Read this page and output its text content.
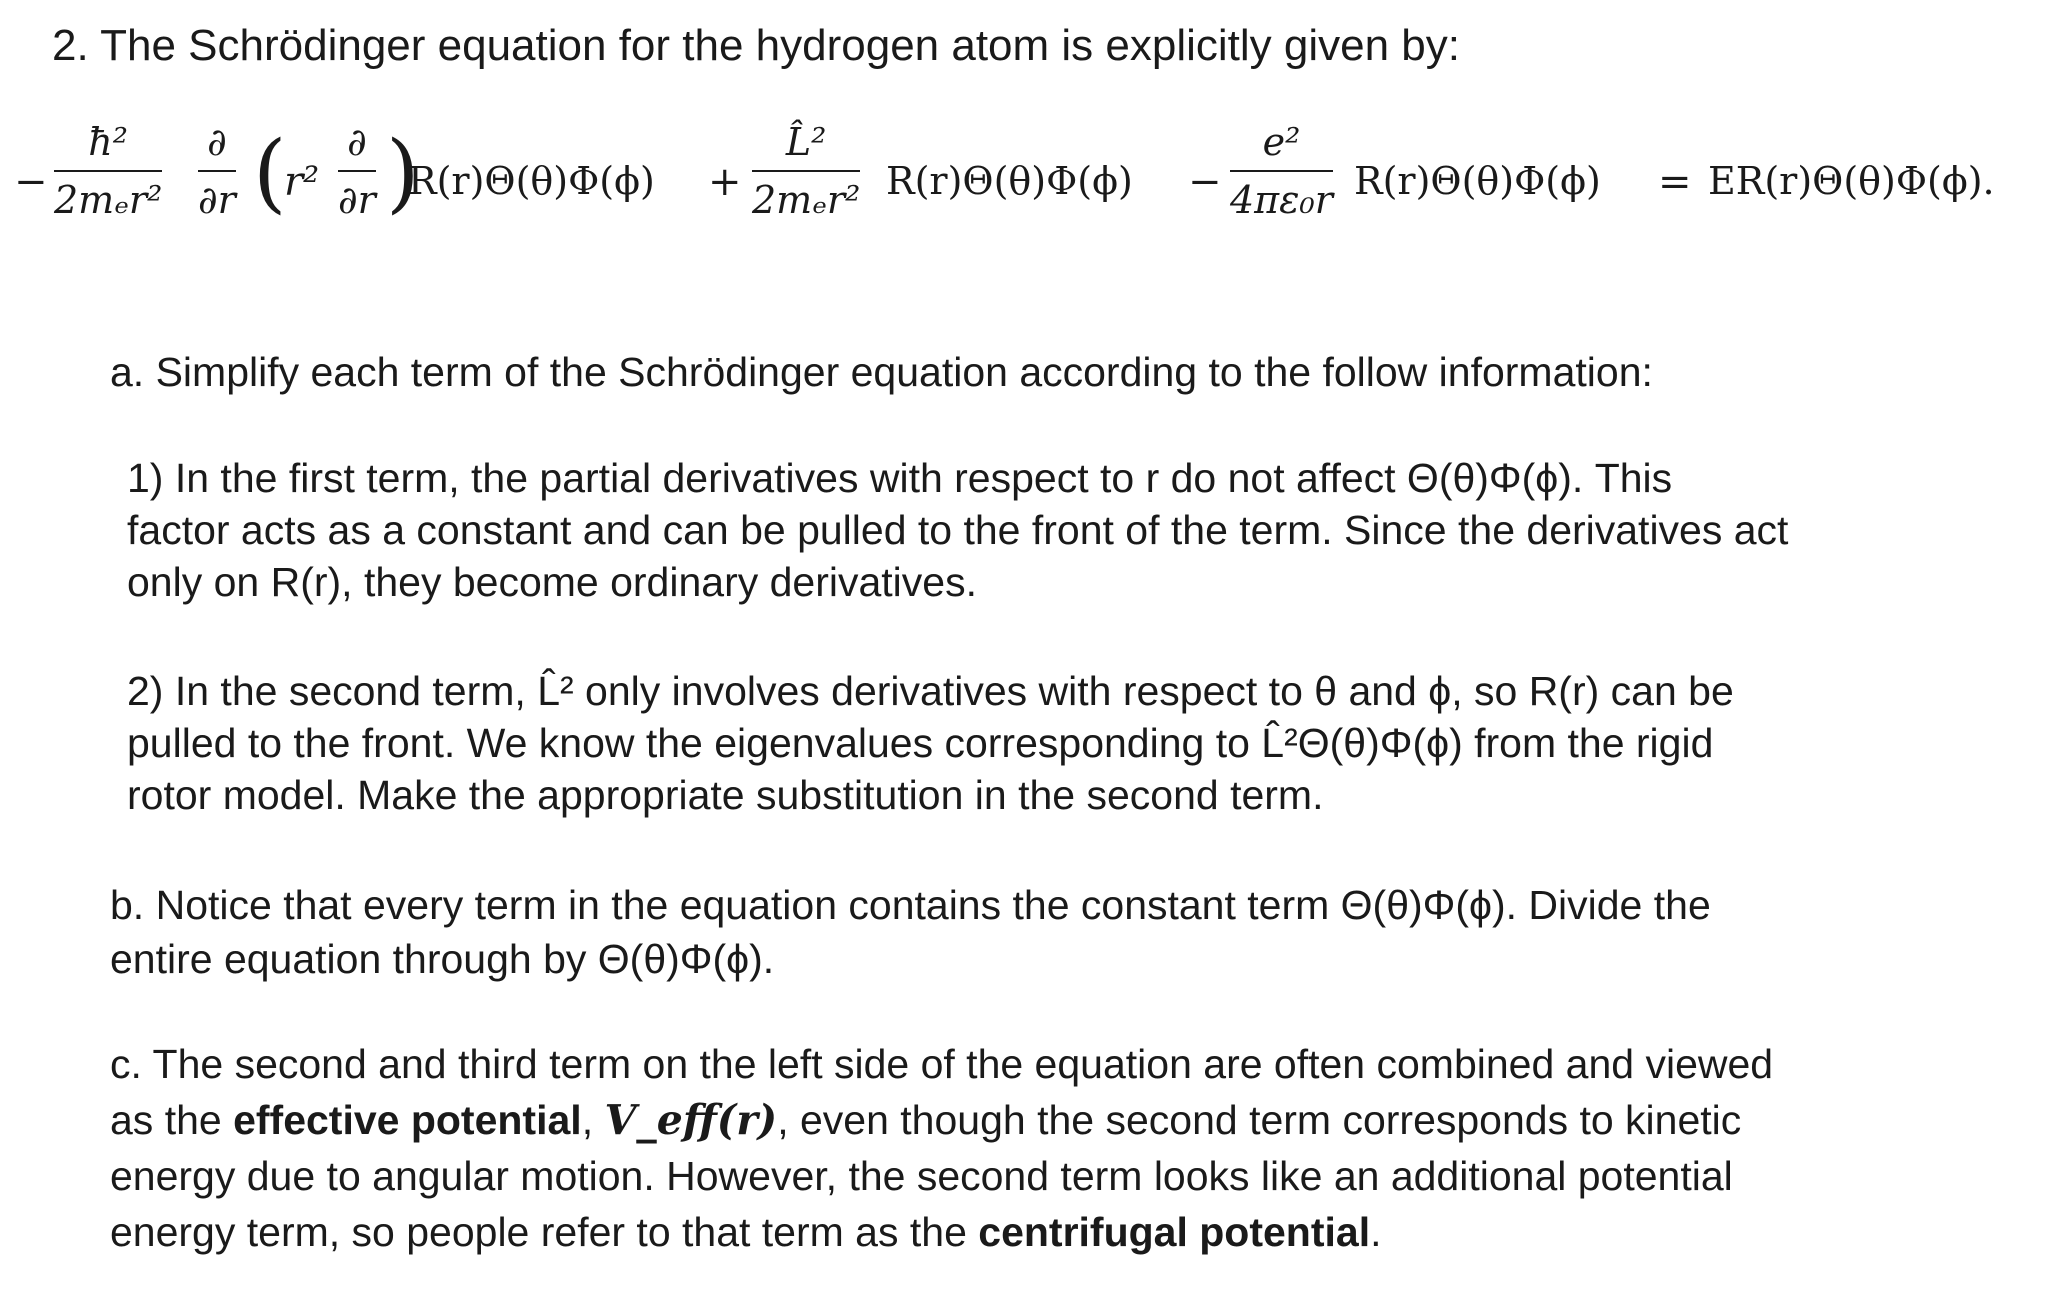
2. The Schrödinger equation for the hydrogen atom is explicitly given by:
−
ħ²
2mₑr²
∂
∂r (
r²
∂
∂r )
R(r)Θ(θ)Φ(ϕ) +
L̂²
2mₑr² R(r)Θ(θ)Φ(ϕ) −
e²
4πε₀r R(r)Θ(θ)Φ(ϕ) = ER(r)Θ(θ)Φ(ϕ).
a. Simplify each term of the Schrödinger equation according to the follow information:
1) In the first term, the partial derivatives with respect to r do not affect Θ(θ)Φ(ϕ). This
factor acts as a constant and can be pulled to the front of the term. Since the derivatives act
only on R(r), they become ordinary derivatives.
2) In the second term, L̂² only involves derivatives with respect to θ and ϕ, so R(r) can be
pulled to the front. We know the eigenvalues corresponding to L̂²Θ(θ)Φ(ϕ) from the rigid
rotor model. Make the appropriate substitution in the second term.
b. Notice that every term in the equation contains the constant term Θ(θ)Φ(ϕ). Divide the
entire equation through by Θ(θ)Φ(ϕ).
c. The second and third term on the left side of the equation are often combined and viewed
as the effective potential, V_eff(r), even though the second term corresponds to kinetic
energy due to angular motion. However, the second term looks like an additional potential
energy term, so people refer to that term as the centrifugal potential.
